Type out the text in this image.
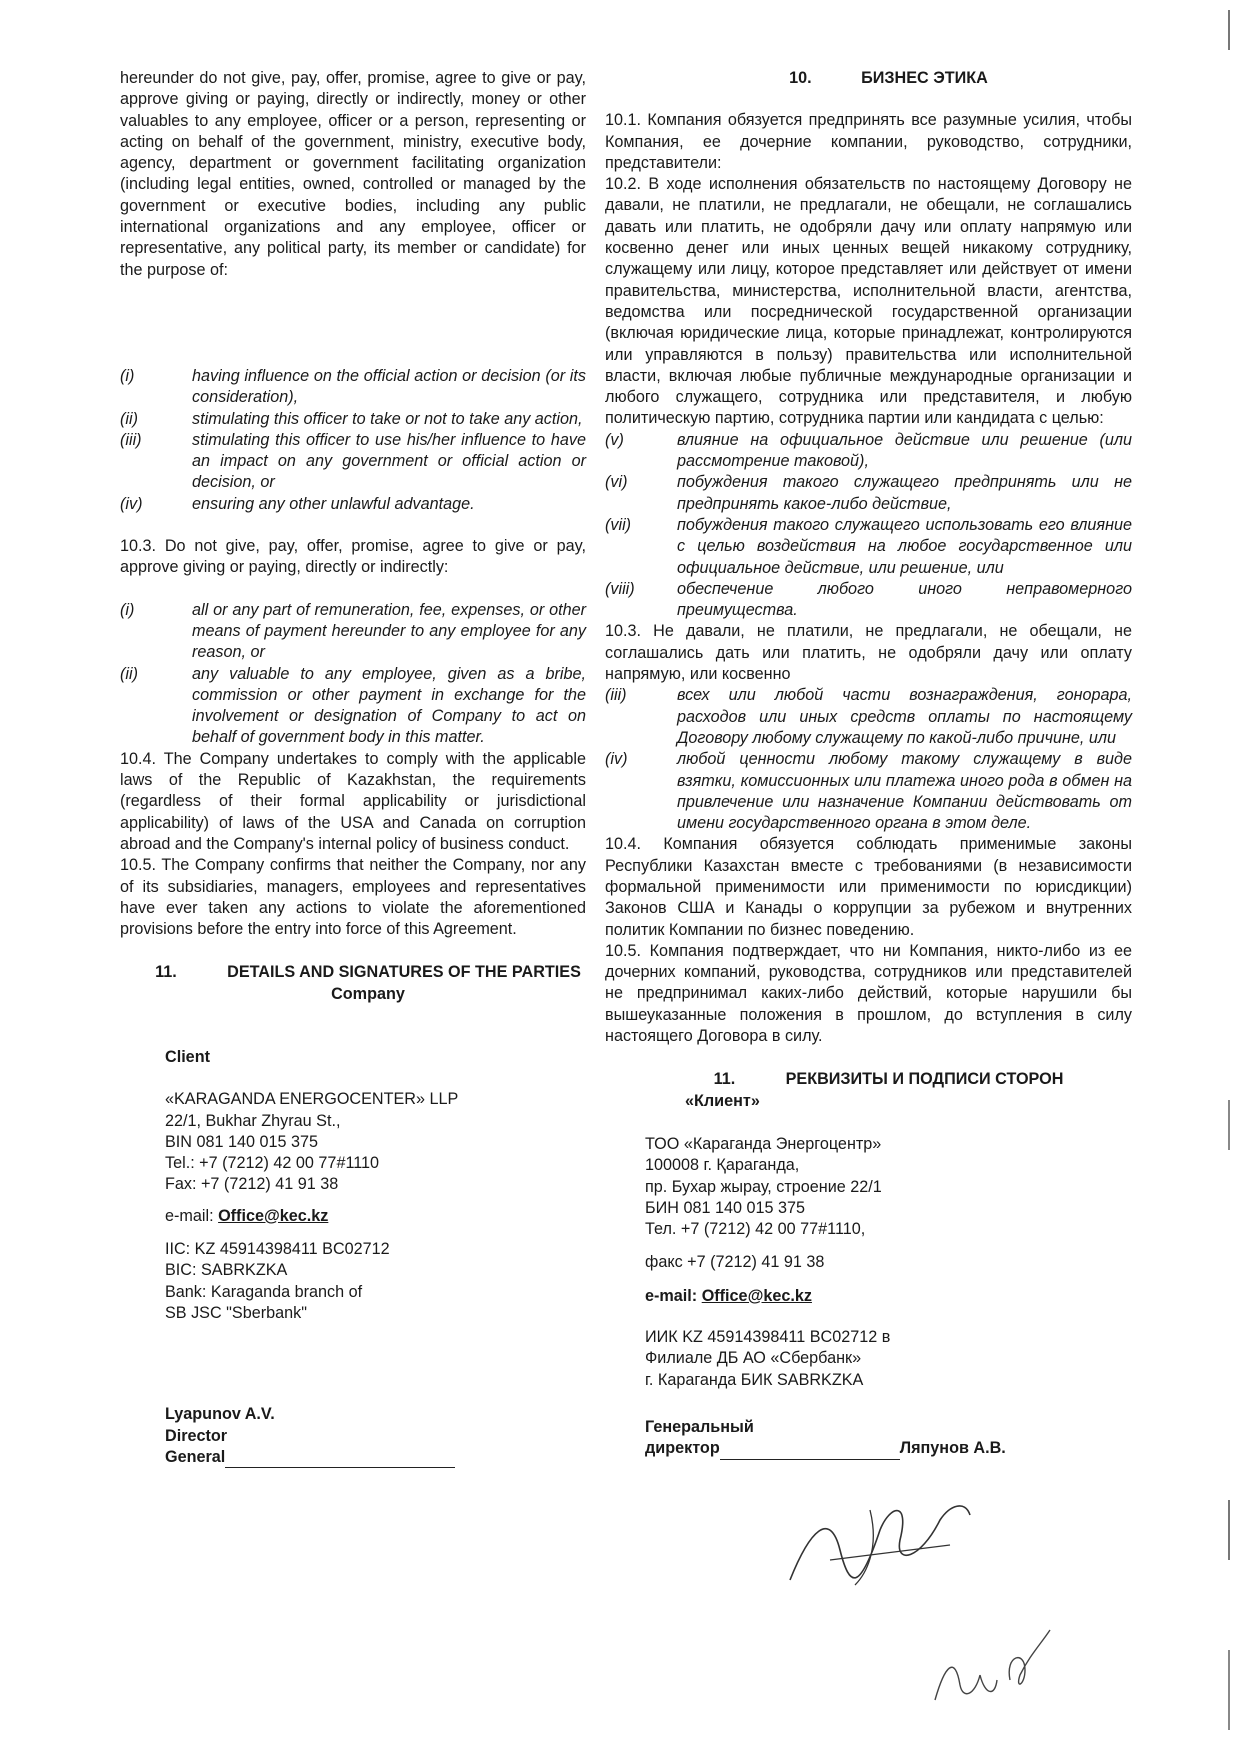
hereunder do not give, pay, offer, promise, agree to give or pay, approve giving or paying, directly or indirectly, money or other valuables to any employee, officer or a person, representing or acting on behalf of the government, ministry, executive body, agency, department or government facilitating organization (including legal entities, owned, controlled or managed by the government or executive bodies, including any public international organizations and any employee, officer or representative, any political party, its member or candidate) for the purpose of:

(i)	having influence on the official action or decision (or its consideration),
(ii)	stimulating this officer to take or not to take any action,
(iii)	stimulating this officer to use his/her influence to have an impact on any government or official action or decision, or
(iv)	ensuring any other unlawful advantage.

10.3. Do not give, pay, offer, promise, agree to give or pay, approve giving or paying, directly or indirectly:

(i)	all or any part of remuneration, fee, expenses, or other means of payment hereunder to any employee for any reason, or
(ii)	any valuable to any employee, given as a bribe, commission or other payment in exchange for the involvement or designation of Company to act on behalf of government body in this matter.

10.4. The Company undertakes to comply with the applicable laws of the Republic of Kazakhstan, the requirements (regardless of their formal applicability or jurisdictional applicability) of laws of the USA and Canada on corruption abroad and the Company's internal policy of business conduct.

10.5. The Company confirms that neither the Company, nor any of its subsidiaries, managers, employees and representatives have ever taken any actions to violate the aforementioned provisions before the entry into force of this Agreement.

11.	DETAILS AND SIGNATURES OF THE PARTIES

Company

Client
«KARAGANDA ENERGOCENTER» LLP
22/1, Bukhar Zhyrau St.,
BIN 081 140 015 375
Tel.: +7 (7212) 42 00 77#1110
Fax: +7 (7212) 41 91 38
e-mail: Office@kec.kz
IIC: KZ 45914398411 BC02712
BIC: SABRKZKA
Bank: Karaganda branch of
SB JSC "Sberbank"
Lyapunov A.V.
Director
General

10.	БИЗНЕС ЭТИКА

10.1. Компания обязуется предпринять все разумные усилия, чтобы Компания, ее дочерние компании, руководство, сотрудники, представители:

10.2. В ходе исполнения обязательств по настоящему Договору не давали, не платили, не предлагали, не обещали, не соглашались давать или платить, не одобряли дачу или оплату напрямую или косвенно денег или иных ценных вещей никакому сотруднику, служащему или лицу, которое представляет или действует от имени правительства, министерства, исполнительной власти, агентства, ведомства или посреднической государственной организации (включая юридические лица, которые принадлежат, контролируются или управляются в пользу) правительства или исполнительной власти, включая любые публичные международные организации и любого служащего, сотрудника или представителя, и любую политическую партию, сотрудника партии или кандидата с целью:

(v)	влияние на официальное действие или решение (или рассмотрение таковой),
(vi)	побуждения такого служащего предпринять или не предпринять какое-либо действие,
(vii)	побуждения такого служащего использовать его влияние с целью воздействия на любое государственное или официальное действие, или решение, или
(viii)	обеспечение любого иного неправомерного преимущества.

10.3. Не давали, не платили, не предлагали, не обещали, не соглашались дать или платить, не одобряли дачу или оплату напрямую, или косвенно

(iii)	всех или любой части вознаграждения, гонорара, расходов или иных средств оплаты по настоящему Договору любому служащему по какой-либо причине, или
(iv)	любой ценности любому такому служащему в виде взятки, комиссионных или платежа иного рода в обмен на привлечение или назначение Компании действовать от имени государственного органа в этом деле.

10.4. Компания обязуется соблюдать применимые законы Республики Казахстан вместе с требованиями (в независимости формальной применимости или применимости по юрисдикции) Законов США и Канады о коррупции за рубежом и внутренних политик Компании по бизнес поведению.

10.5. Компания подтверждает, что ни Компания, никто-либо из ее дочерних компаний, руководства, сотрудников или представителей не предпринимал каких-либо действий, которые нарушили бы вышеуказанные положения в прошлом, до вступления в силу настоящего Договора в силу.

11.	РЕКВИЗИТЫ И ПОДПИСИ СТОРОН

«Клиент»
ТОО «Караганда Энергоцентр»
100008 г. Қараганда,
пр. Бухар жырау, строение 22/1
БИН 081 140 015 375
Тел. +7 (7212) 42 00 77#1110,
факс +7 (7212) 41 91 38
e-mail: Office@kec.kz
ИИК KZ 45914398411 BC02712 в
Филиале ДБ АО «Сбербанк»
г. Караганда БИК SABRKZKA
Генеральный
директор	Ляпунов А.В.
